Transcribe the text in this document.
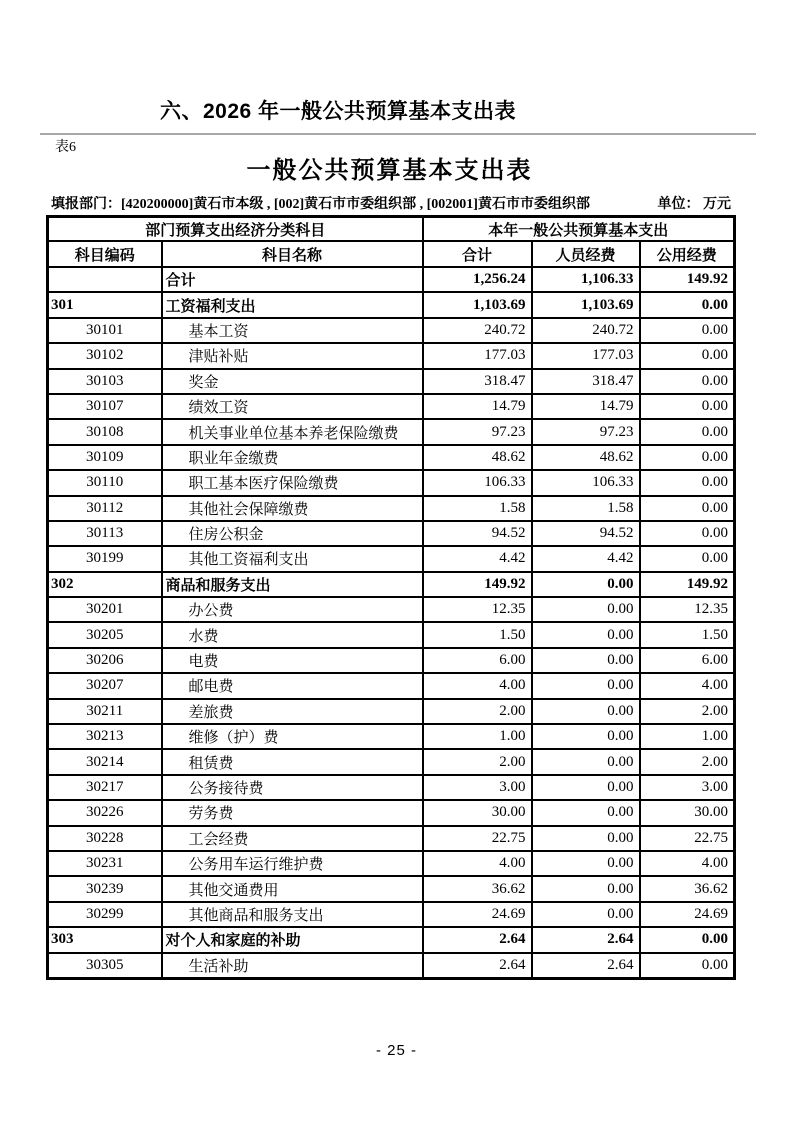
六、2026 年一般公共预算基本支出表
表6
一般公共预算基本支出表
填报部门：[420200000]黄石市本级 , [002]黄石市市委组织部 , [002001]黄石市市委组织部	单位： 万元
部门预算支出经济分类科目		本年一般公共预算基本支出		
科目编码	科目名称	合计	人员经费	公用经费
	合计	1,256.24	1,106.33	149.92
301	工资福利支出	1,103.69	1,103.69	0.00
30101	基本工资	240.72	240.72	0.00
30102	津贴补贴	177.03	177.03	0.00
30103	奖金	318.47	318.47	0.00
30107	绩效工资	14.79	14.79	0.00
30108	机关事业单位基本养老保险缴费	97.23	97.23	0.00
30109	职业年金缴费	48.62	48.62	0.00
30110	职工基本医疗保险缴费	106.33	106.33	0.00
30112	其他社会保障缴费	1.58	1.58	0.00
30113	住房公积金	94.52	94.52	0.00
30199	其他工资福利支出	4.42	4.42	0.00
302	商品和服务支出	149.92	0.00	149.92
30201	办公费	12.35	0.00	12.35
30205	水费	1.50	0.00	1.50
30206	电费	6.00	0.00	6.00
30207	邮电费	4.00	0.00	4.00
30211	差旅费	2.00	0.00	2.00
30213	维修（护）费	1.00	0.00	1.00
30214	租赁费	2.00	0.00	2.00
30217	公务接待费	3.00	0.00	3.00
30226	劳务费	30.00	0.00	30.00
30228	工会经费	22.75	0.00	22.75
30231	公务用车运行维护费	4.00	0.00	4.00
30239	其他交通费用	36.62	0.00	36.62
30299	其他商品和服务支出	24.69	0.00	24.69
303	对个人和家庭的补助	2.64	2.64	0.00
30305	生活补助	2.64	2.64	0.00
- 25 -
